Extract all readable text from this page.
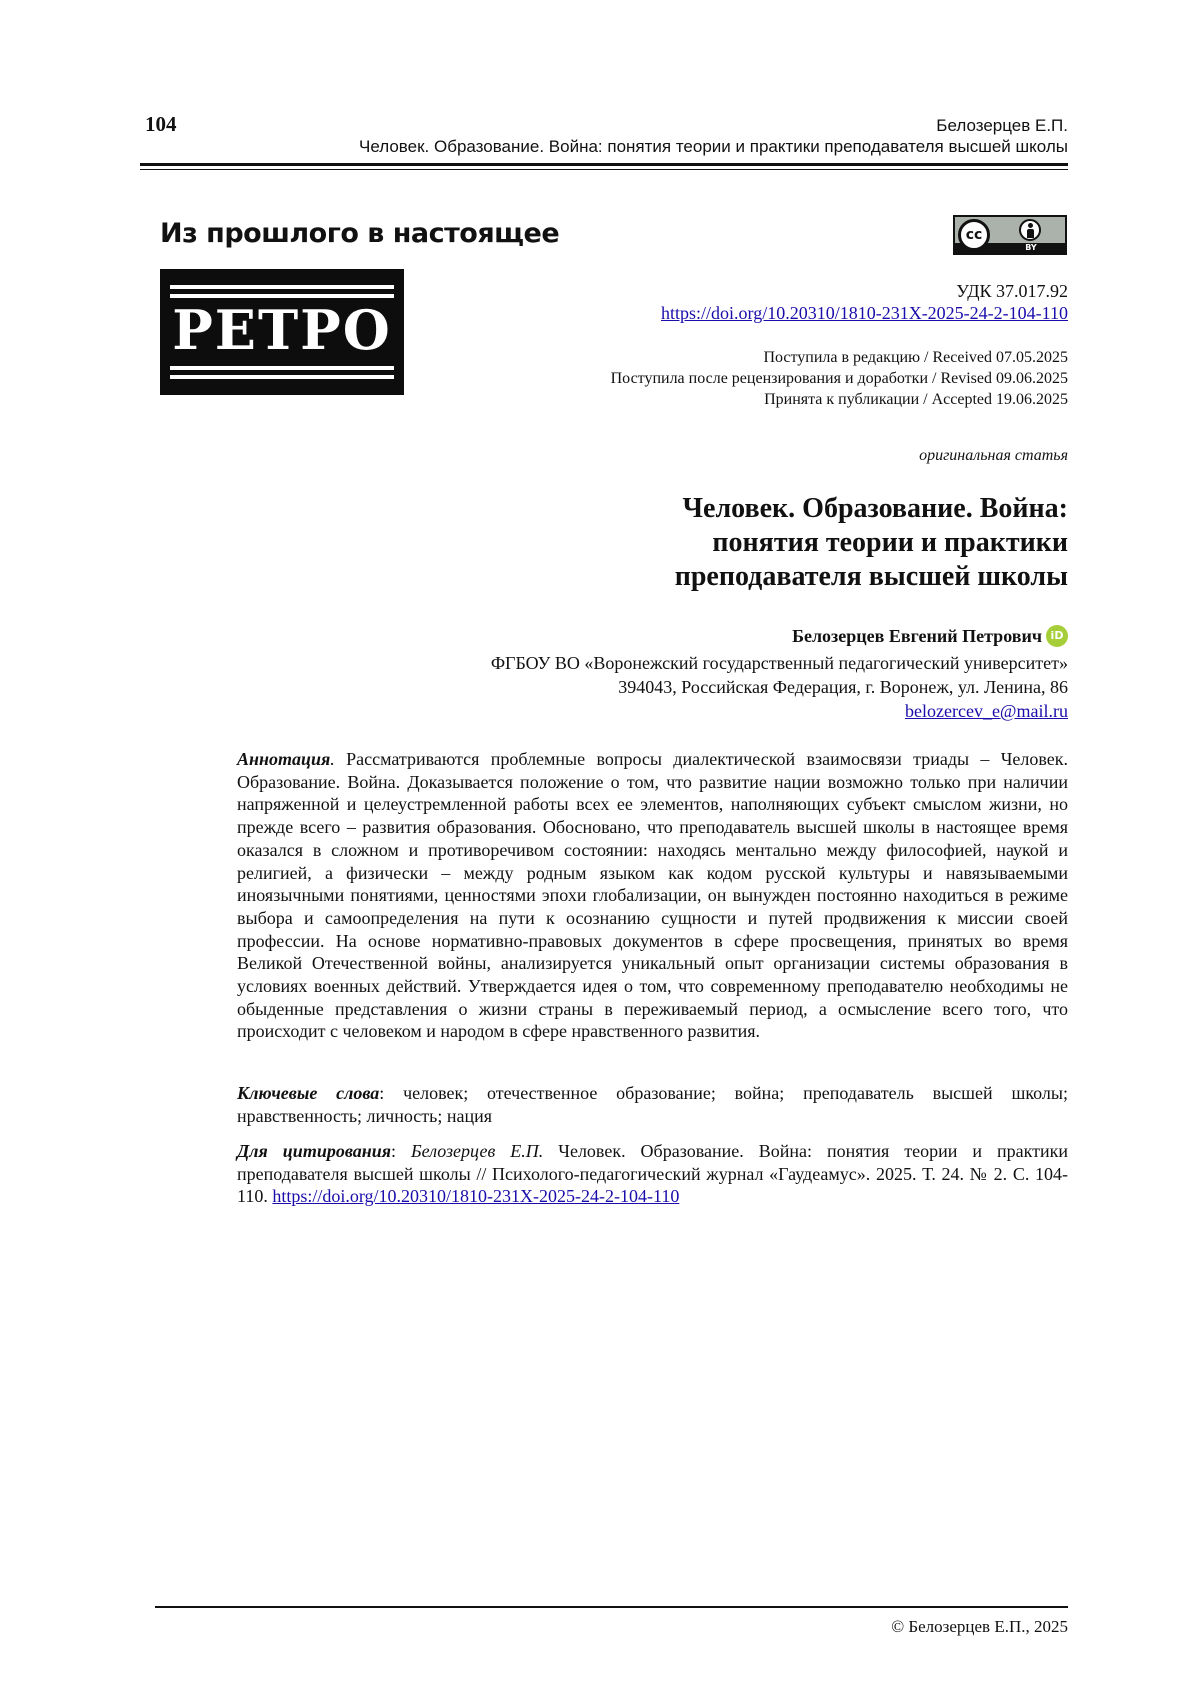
104	Белозерцев Е.П.
Человек. Образование. Война: понятия теории и практики преподавателя высшей школы
Из прошлого в настоящее
РЕТРО
cc
BY
УДК 37.017.92
https://doi.org/10.20310/1810-231X-2025-24-2-104-110
Поступила в редакцию / Received 07.05.2025
Поступила после рецензирования и доработки / Revised 09.06.2025
Принята к публикации / Accepted 19.06.2025
оригинальная статья
Человек. Образование. Война:
понятия теории и практики
преподавателя высшей школы
Белозерцев Евгений Петрович iD
ФГБОУ ВО «Воронежский государственный педагогический университет»
394043, Российская Федерация, г. Воронеж, ул. Ленина, 86
belozercev_e@mail.ru
Аннотация. Рассматриваются проблемные вопросы диалектической взаимосвязи триады – Человек. Образование. Война. Доказывается положение о том, что развитие нации возможно только при наличии напряженной и целеустремленной работы всех ее элементов, наполняющих субъект смыслом жизни, но прежде всего – развития образования. Обосновано, что преподаватель высшей школы в настоящее время оказался в сложном и противоречивом состоянии: находясь ментально между философией, наукой и религией, а физически – между родным языком как кодом русской культуры и навязываемыми иноязычными понятиями, ценностями эпохи глобализации, он вынужден постоянно находиться в режиме выбора и самоопределения на пути к осознанию сущности и путей продвижения к миссии своей профессии. На основе нормативно-правовых документов в сфере просвещения, принятых во время Великой Отечественной войны, анализируется уникальный опыт организации системы образования в условиях военных действий. Утверждается идея о том, что современному преподавателю необходимы не обыденные представления о жизни страны в переживаемый период, а осмысление всего того, что происходит с человеком и народом в сфере нравственного развития.
Ключевые слова: человек; отечественное образование; война; преподаватель высшей школы; нравственность; личность; нация
Для цитирования: Белозерцев Е.П. Человек. Образование. Война: понятия теории и практики преподавателя высшей школы // Психолого-педагогический журнал «Гаудеамус». 2025. Т. 24. № 2. С. 104-110. https://doi.org/10.20310/1810-231X-2025-24-2-104-110
© Белозерцев Е.П., 2025
